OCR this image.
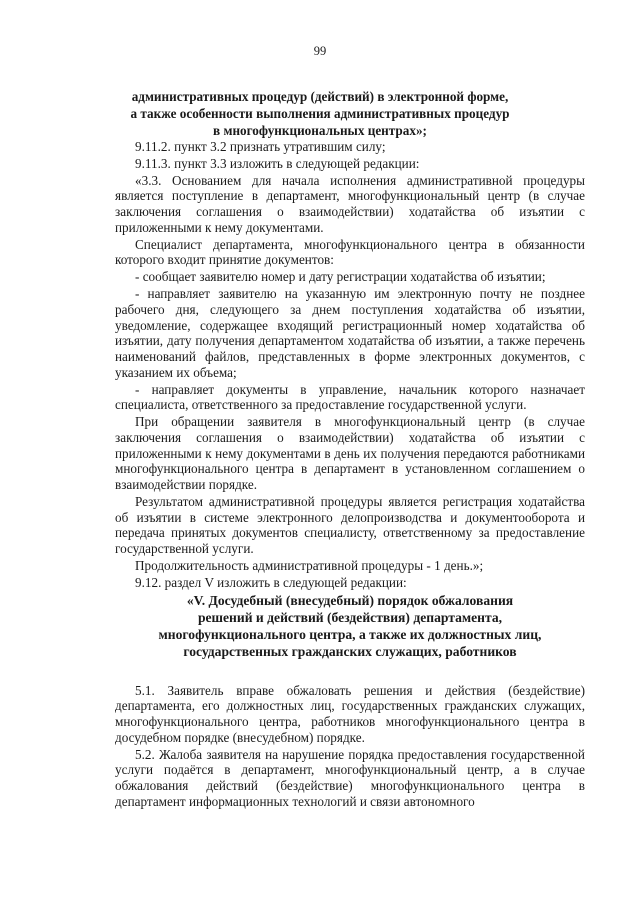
99
административных процедур (действий) в электронной форме,
а также особенности выполнения административных процедур
в многофункциональных центрах»;

9.11.2. пункт 3.2 признать утратившим силу;

9.11.3. пункт 3.3 изложить в следующей редакции:

«3.3. Основанием для начала исполнения административной процедуры является поступление в департамент, многофункциональный центр (в случае заключения соглашения о взаимодействии) ходатайства об изъятии с приложенными к нему документами.

Специалист департамента, многофункционального центра в обязанности которого входит принятие документов:

- сообщает заявителю номер и дату регистрации ходатайства об изъятии;

- направляет заявителю на указанную им электронную почту не позднее рабочего дня, следующего за днем поступления ходатайства об изъятии, уведомление, содержащее входящий регистрационный номер ходатайства об изъятии, дату получения департаментом ходатайства об изъятии, а также перечень наименований файлов, представленных в форме электронных документов, с указанием их объема;

- направляет документы в управление, начальник которого назначает специалиста, ответственного за предоставление государственной услуги.

При обращении заявителя в многофункциональный центр (в случае заключения соглашения о взаимодействии) ходатайства об изъятии с приложенными к нему документами в день их получения передаются работниками многофункционального центра в департамент в установленном соглашением о взаимодействии порядке.

Результатом административной процедуры является регистрация ходатайства об изъятии в системе электронного делопроизводства и документооборота и передача принятых документов специалисту, ответственному за предоставление государственной услуги.

Продолжительность административной процедуры - 1 день.»;

9.12. раздел V изложить в следующей редакции:

«V. Досудебный (внесудебный) порядок обжалования
решений и действий (бездействия) департамента,
многофункционального центра, а также их должностных лиц,
государственных гражданских служащих, работников

5.1. Заявитель вправе обжаловать решения и действия (бездействие) департамента, его должностных лиц, государственных гражданских служащих, многофункционального центра, работников многофункционального центра в досудебном порядке (внесудебном) порядке.

5.2. Жалоба заявителя на нарушение порядка предоставления государственной услуги подаётся в департамент, многофункциональный центр, а в случае обжалования действий (бездействие) многофункционального центра в департамент информационных технологий и связи автономного
